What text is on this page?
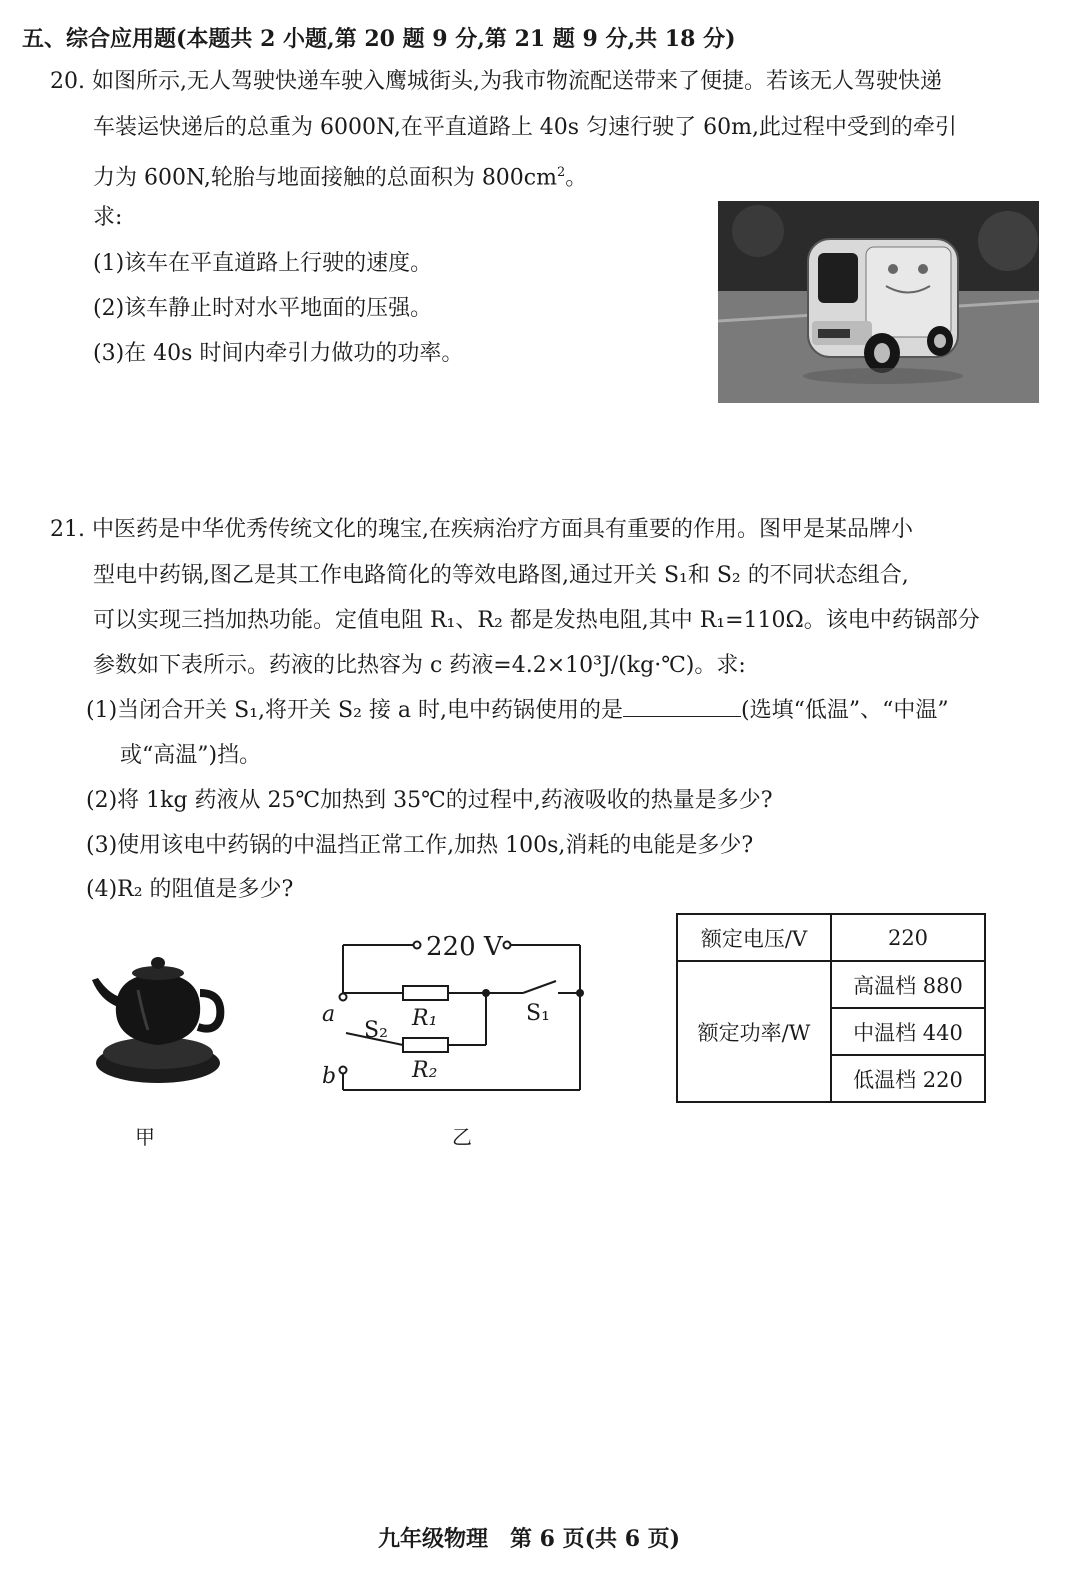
五、综合应用题(本题共 2 小题,第 20 题 9 分,第 21 题 9 分,共 18 分)
20. 如图所示,无人驾驶快递车驶入鹰城街头,为我市物流配送带来了便捷。若该无人驾驶快递
车装运快递后的总重为 6000N,在平直道路上 40s 匀速行驶了 60m,此过程中受到的牵引
力为 600N,轮胎与地面接触的总面积为 $800cm^2$。
求:
(1)该车在平直道路上行驶的速度。
(2)该车静止时对水平地面的压强。
(3)在 40s 时间内牵引力做功的功率。
21. 中医药是中华优秀传统文化的瑰宝,在疾病治疗方面具有重要的作用。图甲是某品牌小
型电中药锅,图乙是其工作电路简化的等效电路图,通过开关 S₁和 S₂ 的不同状态组合,
可以实现三挡加热功能。定值电阻 R₁、R₂ 都是发热电阻,其中 R₁=110Ω。该电中药锅部分
参数如下表所示。药液的比热容为 c 药液=4.2×10³J/(kg·℃)。求:
(1)当闭合开关 S₁,将开关 S₂ 接 a 时,电中药锅使用的是	(选填“低温”、“中温”
或“高温”)挡。
(2)将 1kg 药液从 25℃加热到 35℃的过程中,药液吸收的热量是多少?
(3)使用该电中药锅的中温挡正常工作,加热 100s,消耗的电能是多少?
(4)R₂ 的阻值是多少?
甲
220 V
R₁
R₂
S₁
S₂
a
b
乙
额定电压/V	220
额定功率/W	高温档 880
	中温档 440
	低温档 220
九年级物理　第 6 页(共 6 页)
